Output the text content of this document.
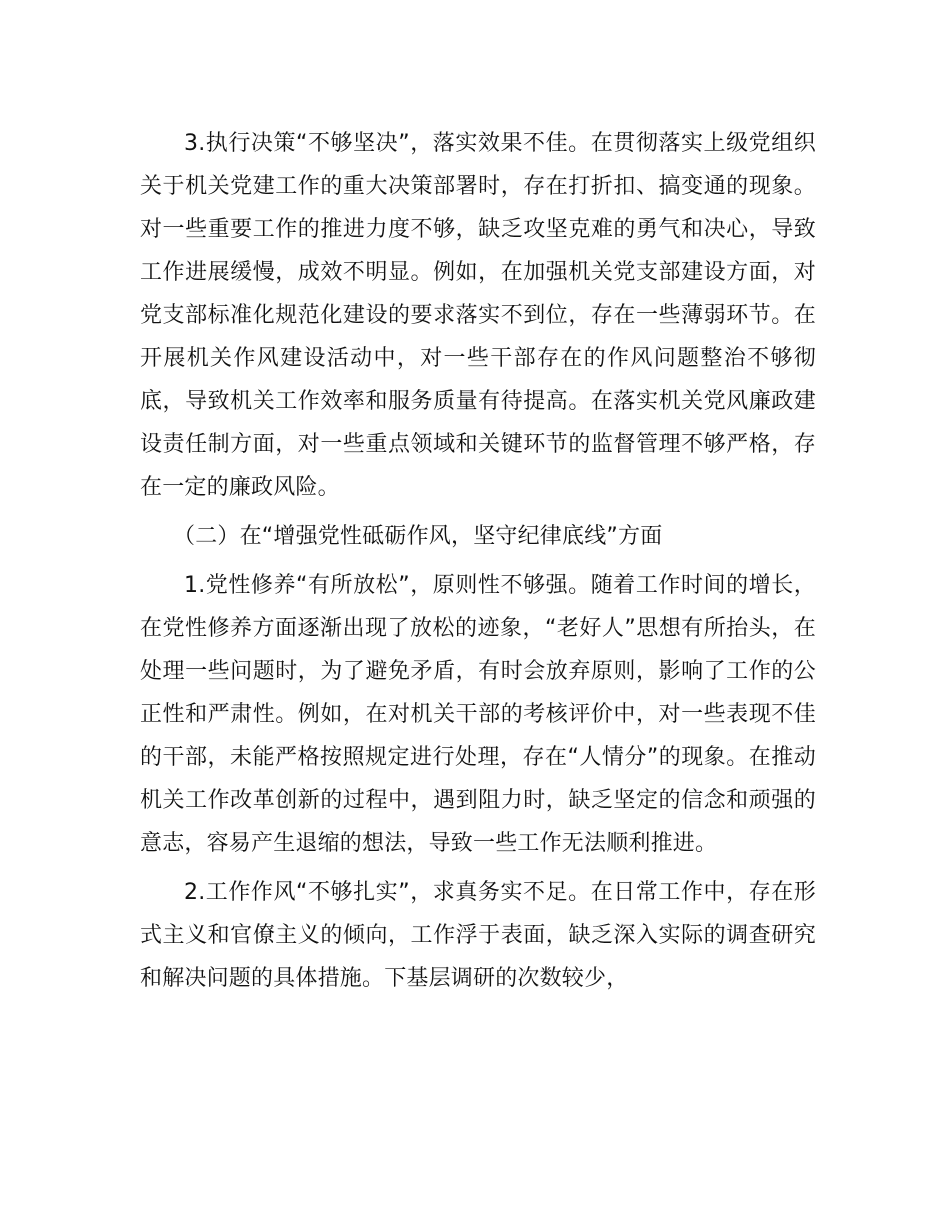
3.执行决策“不够坚决”，落实效果不佳。在贯彻落实上级党组织关于机关党建工作的重大决策部署时，存在打折扣、搞变通的现象。对一些重要工作的推进力度不够，缺乏攻坚克难的勇气和决心，导致工作进展缓慢，成效不明显。例如，在加强机关党支部建设方面，对党支部标准化规范化建设的要求落实不到位，存在一些薄弱环节。在开展机关作风建设活动中，对一些干部存在的作风问题整治不够彻底，导致机关工作效率和服务质量有待提高。在落实机关党风廉政建设责任制方面，对一些重点领域和关键环节的监督管理不够严格，存在一定的廉政风险。

（二）在“增强党性砥砺作风，坚守纪律底线”方面

1.党性修养“有所放松”，原则性不够强。随着工作时间的增长，在党性修养方面逐渐出现了放松的迹象，“老好人”思想有所抬头，在处理一些问题时，为了避免矛盾，有时会放弃原则，影响了工作的公正性和严肃性。例如，在对机关干部的考核评价中，对一些表现不佳的干部，未能严格按照规定进行处理，存在“人情分”的现象。在推动机关工作改革创新的过程中，遇到阻力时，缺乏坚定的信念和顽强的意志，容易产生退缩的想法，导致一些工作无法顺利推进。

2.工作作风“不够扎实”，求真务实不足。在日常工作中，存在形式主义和官僚主义的倾向，工作浮于表面，缺乏深入实际的调查研究和解决问题的具体措施。下基层调研的次数较少，
